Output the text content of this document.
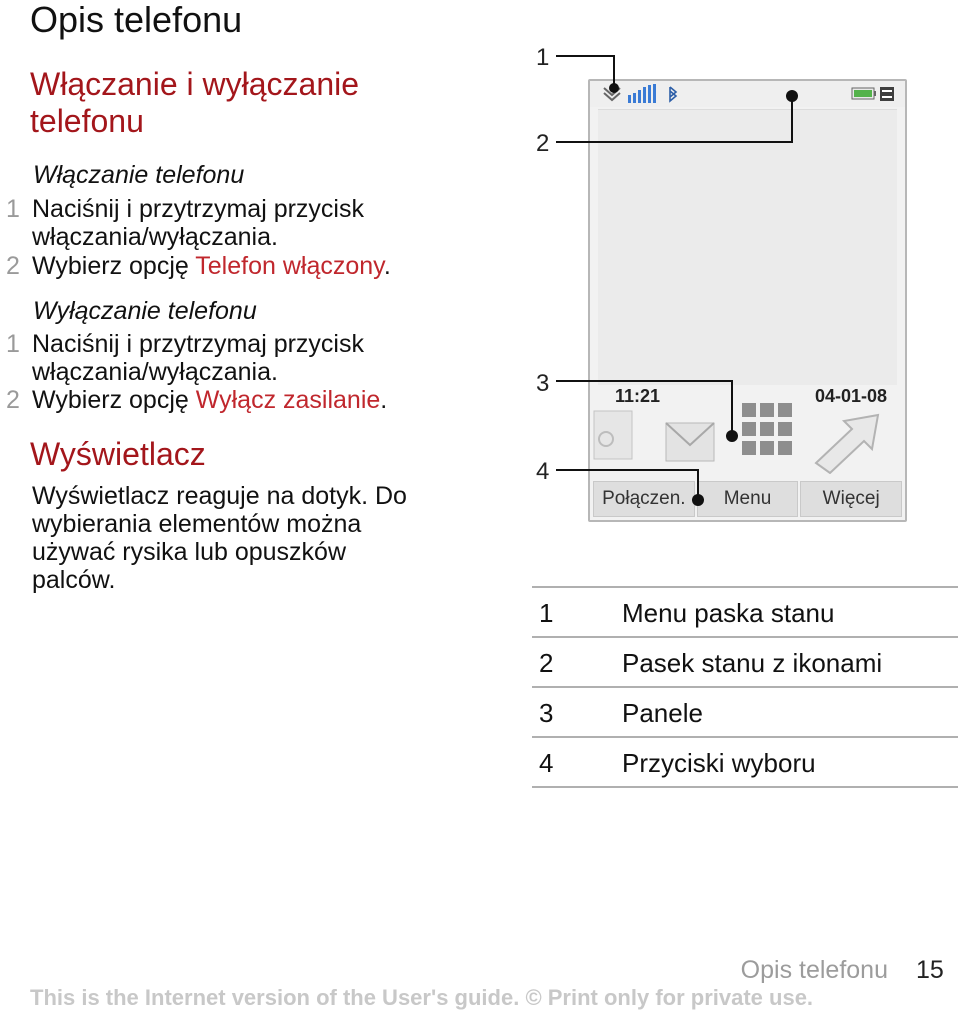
Opis telefonu
Włączanie i wyłączanie
telefonu
Włączanie telefonu
1 Naciśnij i przytrzymaj przycisk
włączania/wyłączania.
2 Wybierz opcję Telefon włączony.
Wyłączanie telefonu
1 Naciśnij i przytrzymaj przycisk
włączania/wyłączania.
2 Wybierz opcję Wyłącz zasilanie.
Wyświetlacz
Wyświetlacz reaguje na dotyk. Do
wybierania elementów można
używać rysika lub opuszków
palców.
1
2
3
4
11:21	04-01-08
Połączen.	Menu	Więcej
1	Menu paska stanu
2	Pasek stanu z ikonami
3	Panele
4	Przyciski wyboru
Opis telefonu 15
This is the Internet version of the User's guide. © Print only for private use.
